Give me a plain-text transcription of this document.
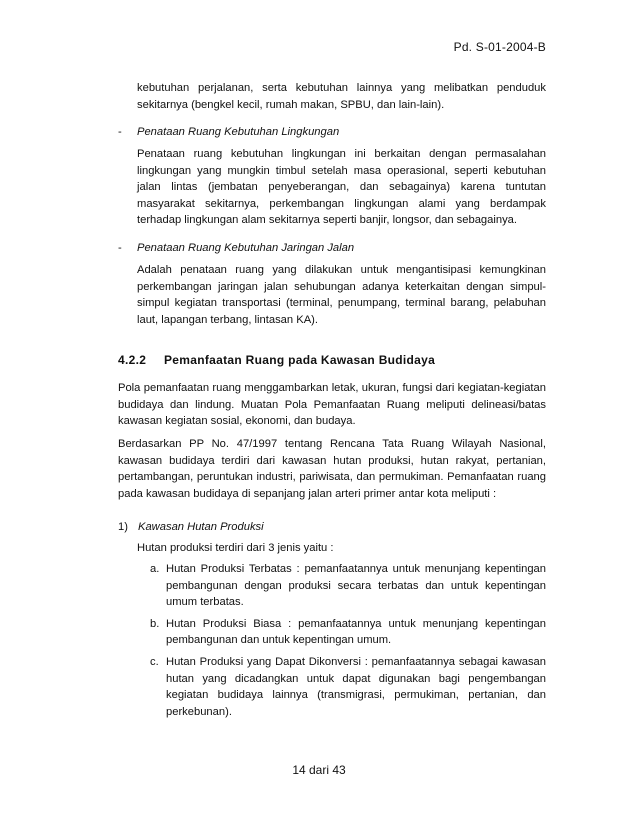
Pd. S-01-2004-B
kebutuhan perjalanan, serta kebutuhan lainnya yang melibatkan penduduk sekitarnya (bengkel kecil, rumah makan, SPBU, dan lain-lain).
- Penataan Ruang Kebutuhan Lingkungan
Penataan ruang kebutuhan lingkungan ini berkaitan dengan permasalahan lingkungan yang mungkin timbul setelah masa operasional, seperti kebutuhan jalan lintas (jembatan penyeberangan, dan sebagainya) karena tuntutan masyarakat sekitarnya, perkembangan lingkungan alami yang berdampak terhadap lingkungan alam sekitarnya seperti banjir, longsor, dan sebagainya.
- Penataan Ruang Kebutuhan Jaringan Jalan
Adalah penataan ruang yang dilakukan untuk mengantisipasi kemungkinan perkembangan jaringan jalan sehubungan adanya keterkaitan dengan simpul-simpul kegiatan transportasi (terminal, penumpang, terminal barang, pelabuhan laut, lapangan terbang, lintasan KA).
4.2.2 Pemanfaatan Ruang pada Kawasan Budidaya
Pola pemanfaatan ruang menggambarkan letak, ukuran, fungsi dari kegiatan-kegiatan budidaya dan lindung. Muatan Pola Pemanfaatan Ruang meliputi delineasi/batas kawasan kegiatan sosial, ekonomi, dan budaya.
Berdasarkan PP No. 47/1997 tentang Rencana Tata Ruang Wilayah Nasional, kawasan budidaya terdiri dari kawasan hutan produksi, hutan rakyat, pertanian, pertambangan, peruntukan industri, pariwisata, dan permukiman. Pemanfaatan ruang pada kawasan budidaya di sepanjang jalan arteri primer antar kota meliputi :
1) Kawasan Hutan Produksi
Hutan produksi terdiri dari 3 jenis yaitu :
a. Hutan Produksi Terbatas : pemanfaatannya untuk menunjang kepentingan pembangunan dengan produksi secara terbatas dan untuk kepentingan umum terbatas.
b. Hutan Produksi Biasa : pemanfaatannya untuk menunjang kepentingan pembangunan dan untuk kepentingan umum.
c. Hutan Produksi yang Dapat Dikonversi : pemanfaatannya sebagai kawasan hutan yang dicadangkan untuk dapat digunakan bagi pengembangan kegiatan budidaya lainnya (transmigrasi, permukiman, pertanian, dan perkebunan).
14 dari 43
